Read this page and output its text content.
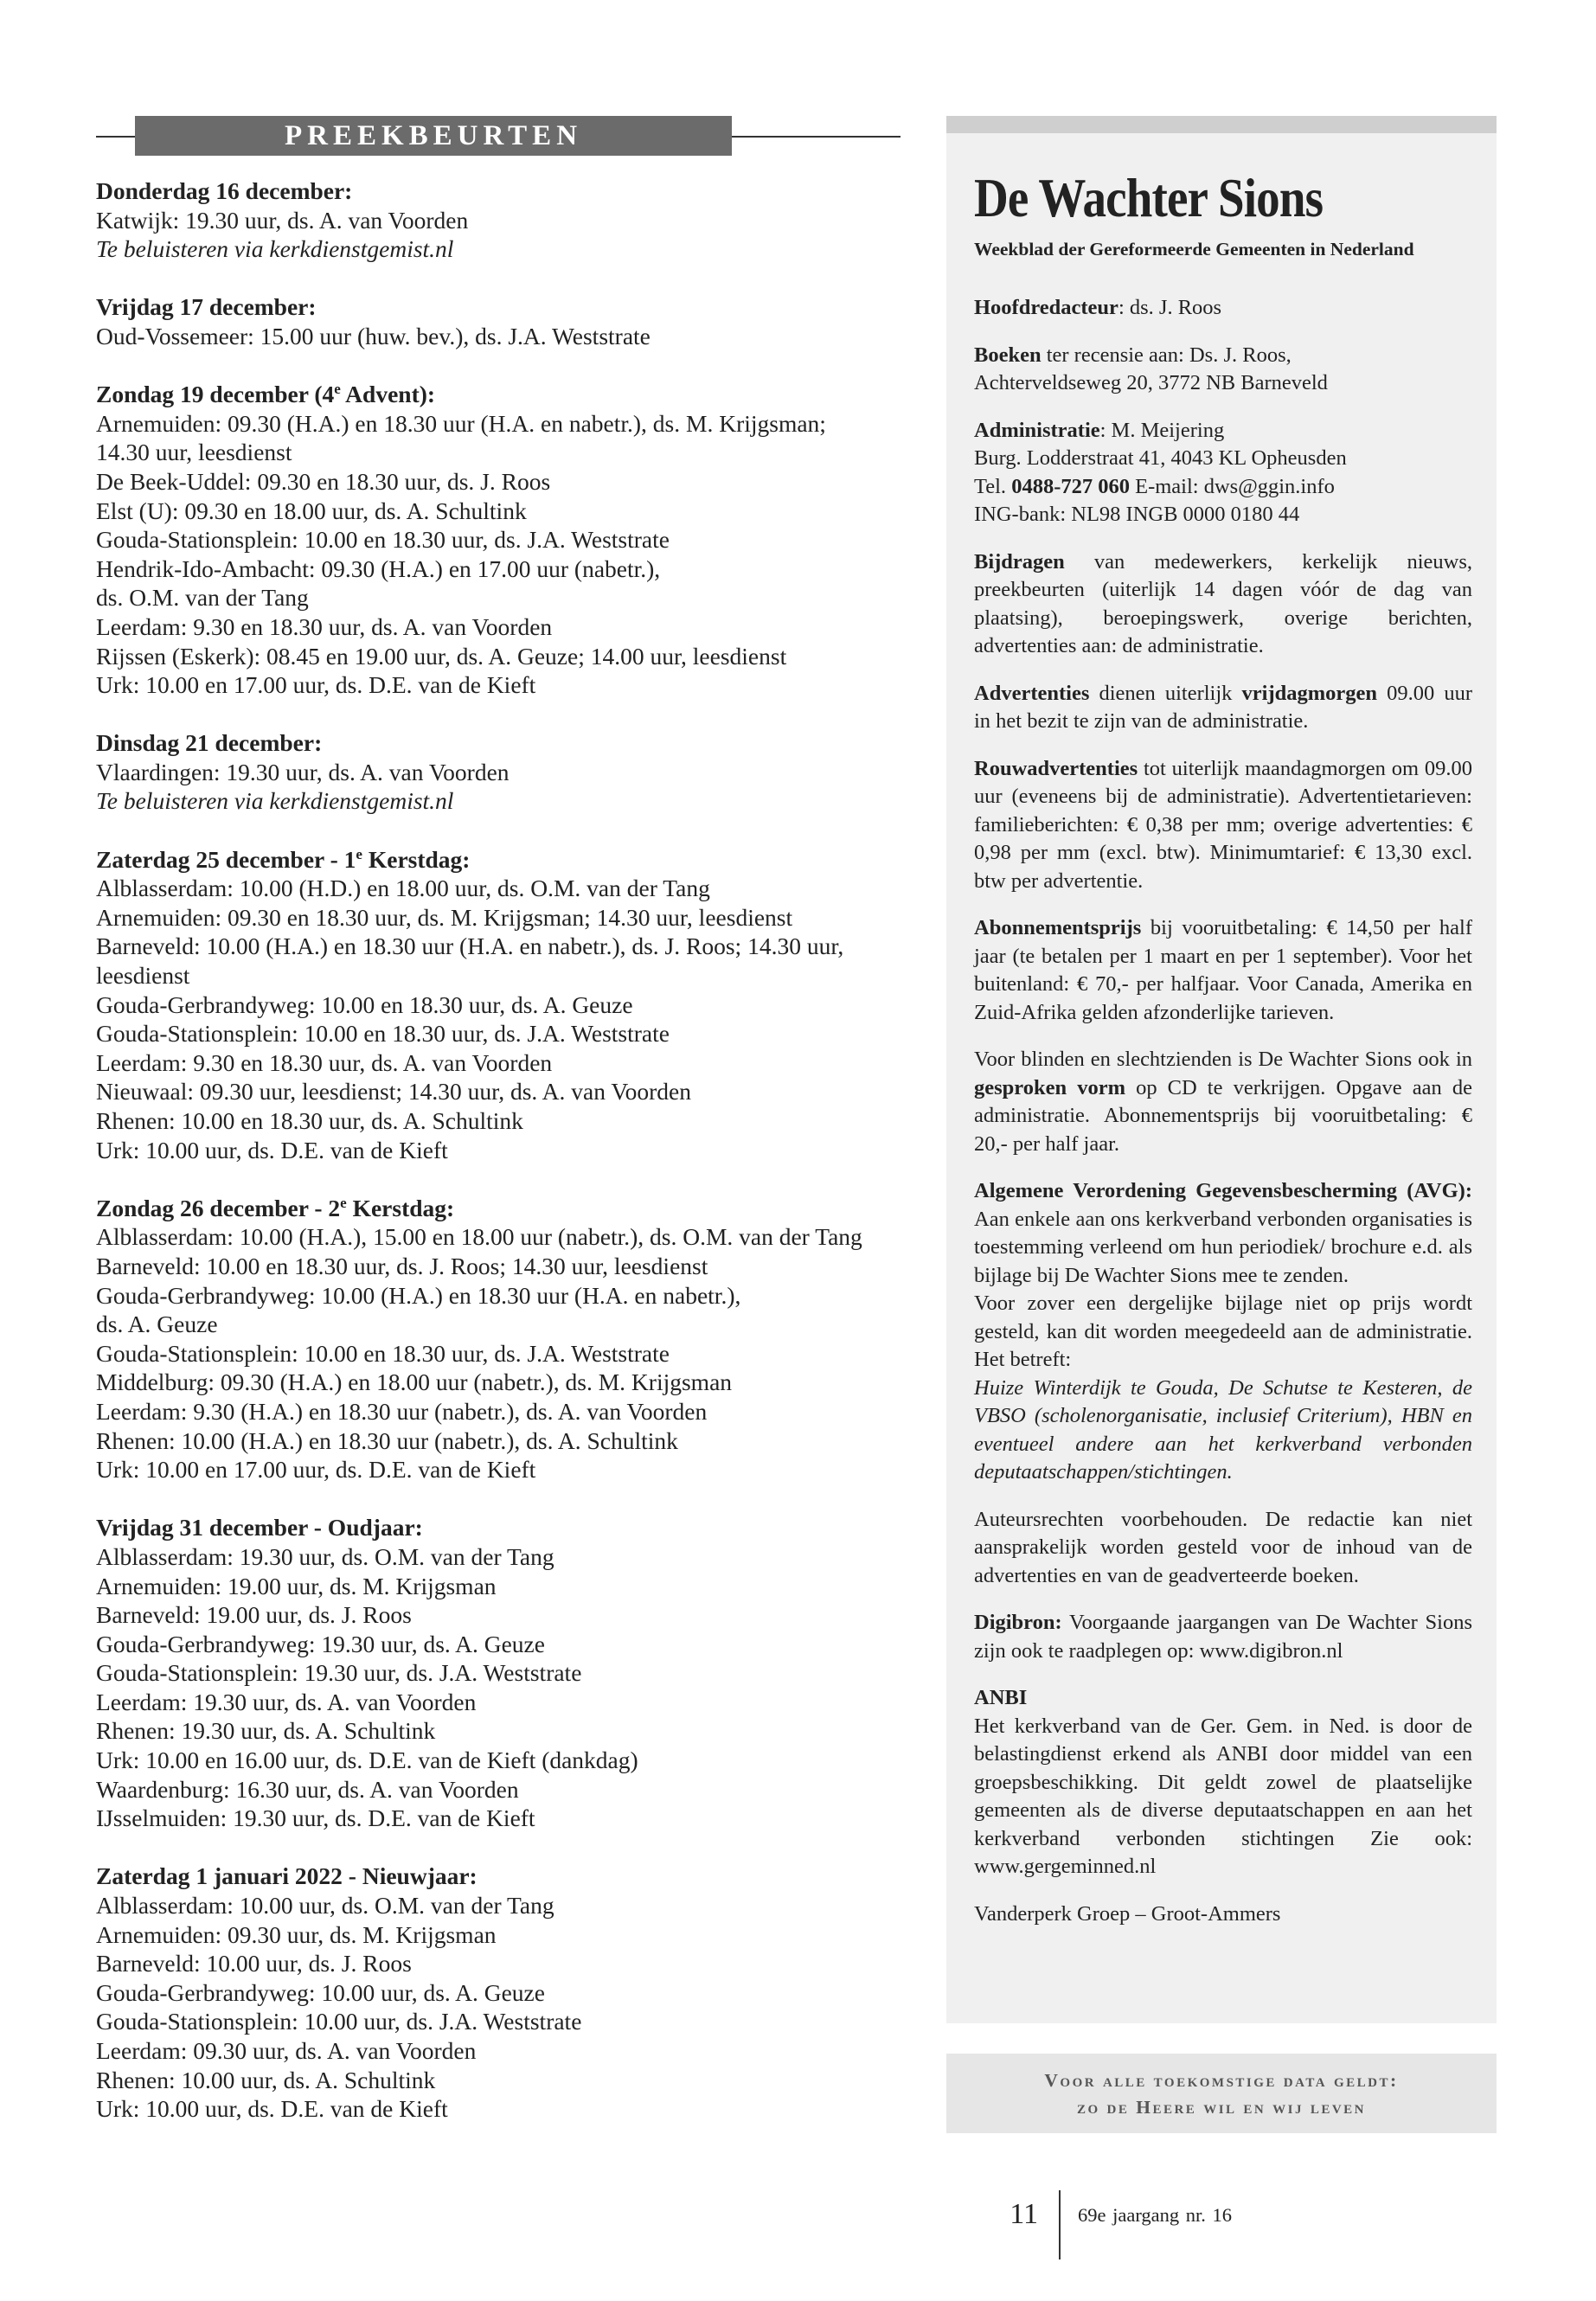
PREEKBEURTEN
Donderdag 16 december:
Katwijk: 19.30 uur, ds. A. van Voorden
Te beluisteren via kerkdienstgemist.nl
Vrijdag 17 december:
Oud-Vossemeer: 15.00 uur (huw. bev.), ds. J.A. Weststrate
Zondag 19 december (4e Advent):
Arnemuiden: 09.30 (H.A.) en 18.30 uur (H.A. en nabetr.), ds. M. Krijgsman;
14.30 uur, leesdienst
De Beek-Uddel: 09.30 en 18.30 uur, ds. J. Roos
Elst (U): 09.30 en 18.00 uur, ds. A. Schultink
Gouda-Stationsplein: 10.00 en 18.30 uur, ds. J.A. Weststrate
Hendrik-Ido-Ambacht: 09.30 (H.A.) en 17.00 uur (nabetr.),
ds. O.M. van der Tang
Leerdam: 9.30 en 18.30 uur, ds. A. van Voorden
Rijssen (Eskerk): 08.45 en 19.00 uur, ds. A. Geuze; 14.00 uur, leesdienst
Urk: 10.00 en 17.00 uur, ds. D.E. van de Kieft
Dinsdag 21 december:
Vlaardingen: 19.30 uur, ds. A. van Voorden
Te beluisteren via kerkdienstgemist.nl
Zaterdag 25 december - 1e Kerstdag:
Alblasserdam: 10.00 (H.D.) en 18.00 uur, ds. O.M. van der Tang
Arnemuiden: 09.30 en 18.30 uur, ds. M. Krijgsman; 14.30 uur, leesdienst
Barneveld: 10.00 (H.A.) en 18.30 uur (H.A. en nabetr.), ds. J. Roos; 14.30 uur,
leesdienst
Gouda-Gerbrandyweg: 10.00 en 18.30 uur, ds. A. Geuze
Gouda-Stationsplein: 10.00 en 18.30 uur, ds. J.A. Weststrate
Leerdam: 9.30 en 18.30 uur, ds. A. van Voorden
Nieuwaal: 09.30 uur, leesdienst; 14.30 uur, ds. A. van Voorden
Rhenen: 10.00 en 18.30 uur, ds. A. Schultink
Urk: 10.00 uur, ds. D.E. van de Kieft
Zondag 26 december - 2e Kerstdag:
Alblasserdam: 10.00 (H.A.), 15.00 en 18.00 uur (nabetr.), ds. O.M. van der Tang
Barneveld: 10.00 en 18.30 uur, ds. J. Roos; 14.30 uur, leesdienst
Gouda-Gerbrandyweg: 10.00 (H.A.) en 18.30 uur (H.A. en nabetr.),
ds. A. Geuze
Gouda-Stationsplein: 10.00 en 18.30 uur, ds. J.A. Weststrate
Middelburg: 09.30 (H.A.) en 18.00 uur (nabetr.), ds. M. Krijgsman
Leerdam: 9.30 (H.A.) en 18.30 uur (nabetr.), ds. A. van Voorden
Rhenen: 10.00 (H.A.) en 18.30 uur (nabetr.), ds. A. Schultink
Urk: 10.00 en 17.00 uur, ds. D.E. van de Kieft
Vrijdag 31 december - Oudjaar:
Alblasserdam: 19.30 uur, ds. O.M. van der Tang
Arnemuiden: 19.00 uur, ds. M. Krijgsman
Barneveld: 19.00 uur, ds. J. Roos
Gouda-Gerbrandyweg: 19.30 uur, ds. A. Geuze
Gouda-Stationsplein: 19.30 uur, ds. J.A. Weststrate
Leerdam: 19.30 uur, ds. A. van Voorden
Rhenen: 19.30 uur, ds. A. Schultink
Urk: 10.00 en 16.00 uur, ds. D.E. van de Kieft (dankdag)
Waardenburg: 16.30 uur, ds. A. van Voorden
IJsselmuiden: 19.30 uur, ds. D.E. van de Kieft
Zaterdag 1 januari 2022 - Nieuwjaar:
Alblasserdam: 10.00 uur, ds. O.M. van der Tang
Arnemuiden: 09.30 uur, ds. M. Krijgsman
Barneveld: 10.00 uur, ds. J. Roos
Gouda-Gerbrandyweg: 10.00 uur, ds. A. Geuze
Gouda-Stationsplein: 10.00 uur, ds. J.A. Weststrate
Leerdam: 09.30 uur, ds. A. van Voorden
Rhenen: 10.00 uur, ds. A. Schultink
Urk: 10.00 uur, ds. D.E. van de Kieft
De Wachter Sions
Weekblad der Gereformeerde Gemeenten in Nederland

Hoofdredacteur: ds. J. Roos

Boeken ter recensie aan: Ds. J. Roos,
Achterveldseweg 20, 3772 NB Barneveld

Administratie: M. Meijering
Burg. Lodderstraat 41, 4043 KL Opheusden
Tel. 0488-727 060 E-mail: dws@ggin.info
ING-bank: NL98 INGB 0000 0180 44

Bijdragen van medewerkers, kerkelijk nieuws, preekbeurten (uiterlijk 14 dagen vóór de dag van plaatsing), beroepingswerk, overige berichten, advertenties aan: de administratie.

Advertenties dienen uiterlijk vrijdagmorgen 09.00 uur in het bezit te zijn van de administratie.

Rouwadvertenties tot uiterlijk maandagmorgen om 09.00 uur (eveneens bij de administratie). Advertentietarieven: familieberichten: € 0,38 per mm; overige advertenties: € 0,98 per mm (excl. btw). Minimumtarief: € 13,30 excl. btw per advertentie.

Abonnementsprijs bij vooruitbetaling: € 14,50 per half jaar (te betalen per 1 maart en per 1 september). Voor het buitenland: € 70,- per halfjaar. Voor Canada, Amerika en Zuid-Afrika gelden afzonderlijke tarieven.

Voor blinden en slechtzienden is De Wachter Sions ook in gesproken vorm op CD te verkrijgen. Opgave aan de administratie. Abonnementsprijs bij vooruitbetaling: € 20,- per half jaar.

Algemene Verordening Gegevensbescherming (AVG): Aan enkele aan ons kerkverband verbonden organisaties is toestemming verleend om hun periodiek/ brochure e.d. als bijlage bij De Wachter Sions mee te zenden.
Voor zover een dergelijke bijlage niet op prijs wordt gesteld, kan dit worden meegedeeld aan de administratie. Het betreft:

Huize Winterdijk te Gouda, De Schutse te Kesteren, de VBSO (scholenorganisatie, inclusief Criterium), HBN en eventueel andere aan het kerkverband verbonden deputaatschappen/stichtingen.

Auteursrechten voorbehouden. De redactie kan niet aansprakelijk worden gesteld voor de inhoud van de advertenties en van de geadverteerde boeken.

Digibron: Voorgaande jaargangen van De Wachter Sions zijn ook te raadplegen op: www.digibron.nl

ANBI
Het kerkverband van de Ger. Gem. in Ned. is door de belastingdienst erkend als ANBI door middel van een groepsbeschikking. Dit geldt zowel de plaatselijke gemeenten als de diverse deputaatschappen en aan het kerkverband verbonden stichtingen Zie ook: www.gergeminned.nl

Vanderperk Groep – Groot-Ammers

Voor alle toekomstige data geldt:
zo de Heere wil en wij leven
11 69e jaargang nr. 16
